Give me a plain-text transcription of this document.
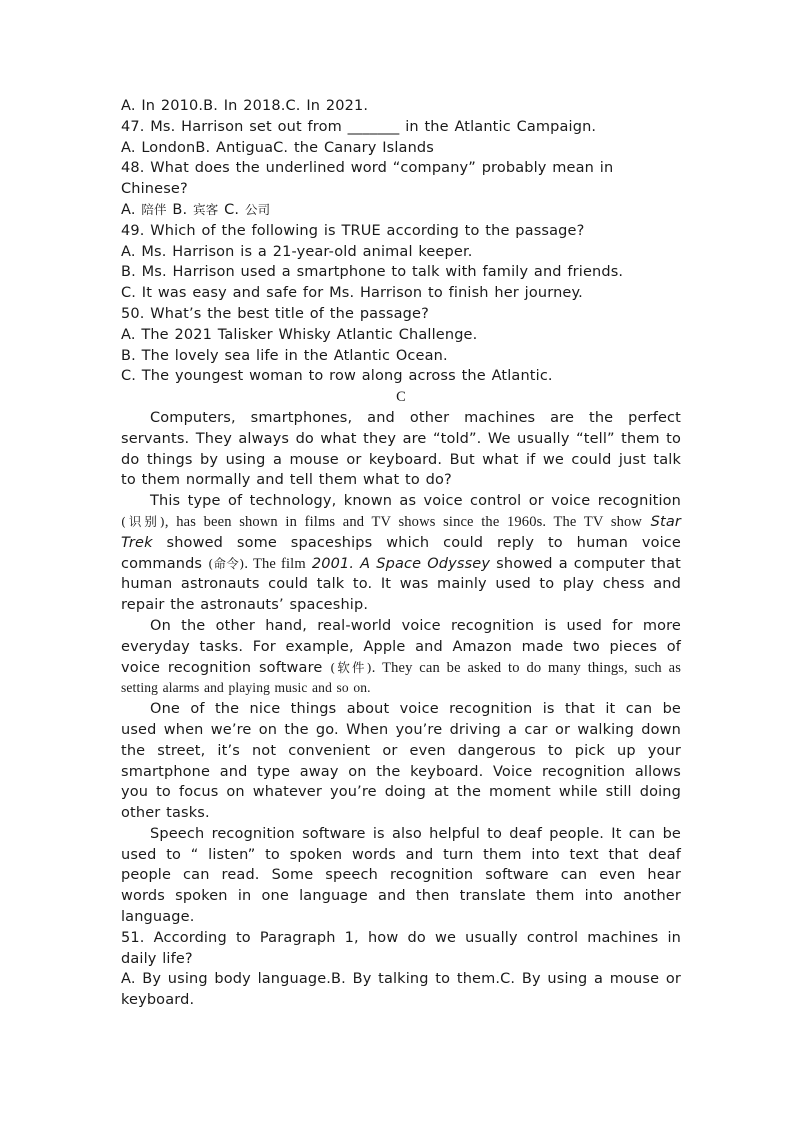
A. In 2010.B. In 2018.C. In 2021.
47. Ms. Harrison set out from _______ in the Atlantic Campaign.
A. LondonB. AntiguaC. the Canary Islands
48. What does the underlined word “company” probably mean in
Chinese?
A. 陪伴 B. 宾客 C. 公司
49. Which of the following is TRUE according to the passage?
A. Ms. Harrison is a 21-year-old animal keeper.
B. Ms. Harrison used a smartphone to talk with family and friends.
C. It was easy and safe for Ms. Harrison to finish her journey.
50. What’s the best title of the passage?
A. The 2021 Talisker Whisky Atlantic Challenge.
B. The lovely sea life in the Atlantic Ocean.
C. The youngest woman to row along across the Atlantic.
C
Computers, smartphones, and other machines are the perfect
servants. They always do what they are “told”. We usually “tell” them to
do things by using a mouse or keyboard. But what if we could just talk
to them normally and tell them what to do?
This type of technology, known as voice control or voice recognition
(识别), has been shown in films and TV shows since the 1960s. The TV show Star
Trek showed some spaceships which could reply to human voice
commands (命令). The film 2001. A Space Odyssey showed a computer that
human astronauts could talk to. It was mainly used to play chess and
repair the astronauts’ spaceship.
On the other hand, real-world voice recognition is used for more
everyday tasks. For example, Apple and Amazon made two pieces of
voice recognition software (软件). They can be asked to do many things, such as
setting alarms and playing music and so on.
One of the nice things about voice recognition is that it can be
used when we’re on the go. When you’re driving a car or walking down
the street, it’s not convenient or even dangerous to pick up your
smartphone and type away on the keyboard. Voice recognition allows
you to focus on whatever you’re doing at the moment while still doing
other tasks.
Speech recognition software is also helpful to deaf people. It can be
used to “ listen” to spoken words and turn them into text that deaf
people can read. Some speech recognition software can even hear
words spoken in one language and then translate them into another
language.
51. According to Paragraph 1, how do we usually control machines in
daily life?
A. By using body language.B. By talking to them.C. By using a mouse or
keyboard.
